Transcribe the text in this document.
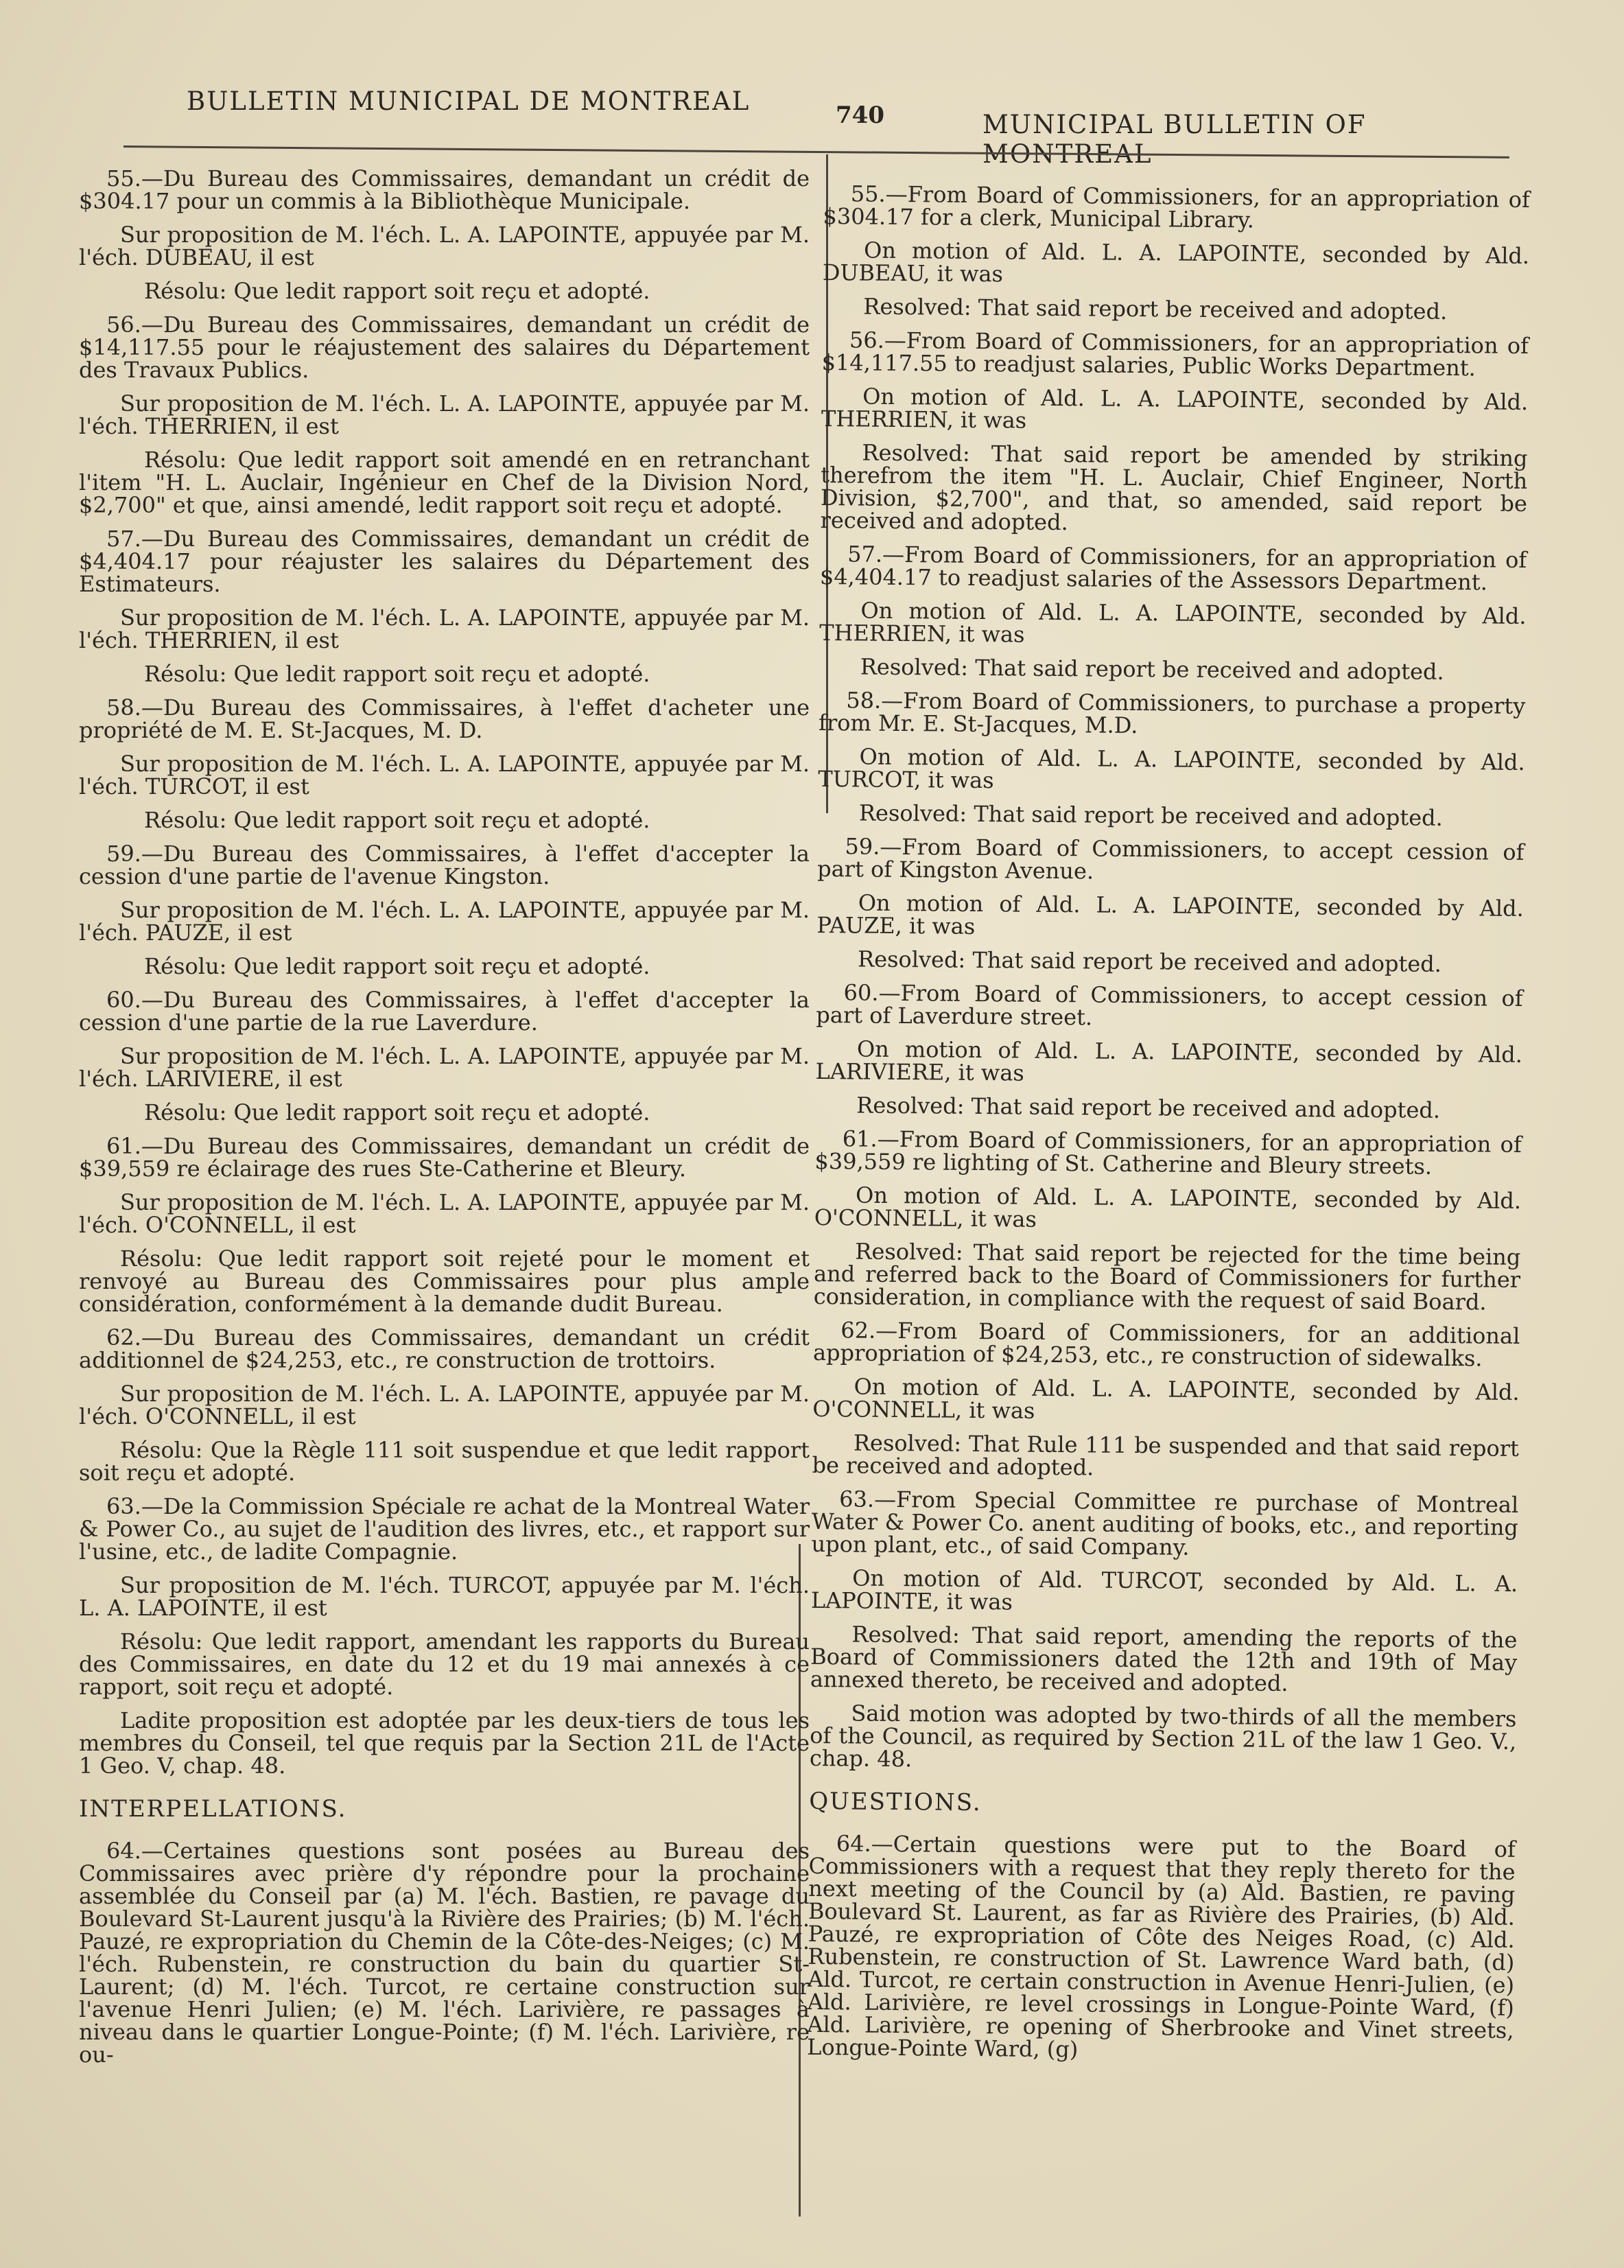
BULLETIN MUNICIPAL DE MONTREAL	740	MUNICIPAL BULLETIN OF

55.—Du Bureau des Commissaires, demandant un crédit de $304.17 pour un commis à la Bibliothèque Municipale.

Sur proposition de M. l'éch. L. A. LAPOINTE, appuyée par M. l'éch. DUBEAU, il est

Résolu: Que ledit rapport soit reçu et adopté.

56.—Du Bureau des Commissaires, demandant un crédit de $14,117.55 pour le réajustement des salaires du Département des Travaux Publics.

Sur proposition de M. l'éch. L. A. LAPOINTE, appuyée par M. l'éch. THERRIEN, il est

Résolu: Que ledit rapport soit amendé en en retranchant l'item "H. L. Auclair, Ingénieur en Chef de la Division Nord, $2,700" et que, ainsi amendé, ledit rapport soit reçu et adopté.

57.—Du Bureau des Commissaires, demandant un crédit de $4,404.17 pour réajuster les salaires du Département des Estimateurs.

Sur proposition de M. l'éch. L. A. LAPOINTE, appuyée par M. l'éch. THERRIEN, il est

Résolu: Que ledit rapport soit reçu et adopté.

58.—Du Bureau des Commissaires, à l'effet d'acheter une propriété de M. E. St-Jacques, M. D.

Sur proposition de M. l'éch. L. A. LAPOINTE, appuyée par M. l'éch. TURCOT, il est

Résolu: Que ledit rapport soit reçu et adopté.

59.—Du Bureau des Commissaires, à l'effet d'accepter la cession d'une partie de l'avenue Kingston.

Sur proposition de M. l'éch. L. A. LAPOINTE, appuyée par M. l'éch. PAUZE, il est

Résolu: Que ledit rapport soit reçu et adopté.

60.—Du Bureau des Commissaires, à l'effet d'accepter la cession d'une partie de la rue Laverdure.

Sur proposition de M. l'éch. L. A. LAPOINTE, appuyée par M. l'éch. LARIVIERE, il est

Résolu: Que ledit rapport soit reçu et adopté.

61.—Du Bureau des Commissaires, demandant un crédit de $39,559 re éclairage des rues Ste-Catherine et Bleury.

Sur proposition de M. l'éch. L. A. LAPOINTE, appuyée par M. l'éch. O'CONNELL, il est

Résolu: Que ledit rapport soit rejeté pour le moment et renvoyé au Bureau des Commissaires pour plus ample considération, conformément à la demande dudit Bureau.

62.—Du Bureau des Commissaires, demandant un crédit additionnel de $24,253, etc., re construction de trottoirs.

Sur proposition de M. l'éch. L. A. LAPOINTE, appuyée par M. l'éch. O'CONNELL, il est

Résolu: Que la Règle 111 soit suspendue et que ledit rapport soit reçu et adopté.

63.—De la Commission Spéciale re achat de la Montreal Water & Power Co., au sujet de l'audition des livres, etc., et rapport sur l'usine, etc., de ladite Compagnie.

Sur proposition de M. l'éch. TURCOT, appuyée par M. l'éch. L. A. LAPOINTE, il est

Résolu: Que ledit rapport, amendant les rapports du Bureau des Commissaires, en date du 12 et du 19 mai annexés à ce rapport, soit reçu et adopté.

Ladite proposition est adoptée par les deux-tiers de tous les membres du Conseil, tel que requis par la Section 21L de l'Acte 1 Geo. V, chap. 48.

INTERPELLATIONS.

64.—Certaines questions sont posées au Bureau des Commissaires avec prière d'y répondre pour la prochaine assemblée du Conseil par (a) M. l'éch. Bastien, re pavage du Boulevard St-Laurent jusqu'à la Rivière des Prairies; (b) M. l'éch. Pauzé, re expropriation du Chemin de la Côte-des-Neiges; (c) M. l'éch. Rubenstein, re construction du bain du quartier St-Laurent; (d) M. l'éch. Turcot, re certaine construction sur l'avenue Henri Julien; (e) M. l'éch. Larivière, re passages à niveau dans le quartier Longue-Pointe; (f) M. l'éch. Larivière, re ou-

55.—From Board of Commissioners, for an appropriation of $304.17 for a clerk, Municipal Library.

On motion of Ald. L. A. LAPOINTE, seconded by Ald. DUBEAU, it was

Resolved: That said report be received and adopted.

56.—From Board of Commissioners, for an appropriation of $14,117.55 to readjust salaries, Public Works Department.

On motion of Ald. L. A. LAPOINTE, seconded by Ald. THERRIEN, it was

Resolved: That said report be amended by striking therefrom the item "H. L. Auclair, Chief Engineer, North Division, $2,700", and that, so amended, said report be received and adopted.

57.—From Board of Commissioners, for an appropriation of $4,404.17 to readjust salaries of the Assessors Department.

On motion of Ald. L. A. LAPOINTE, seconded by Ald. THERRIEN, it was

Resolved: That said report be received and adopted.

58.—From Board of Commissioners, to purchase a property from Mr. E. St-Jacques, M.D.

On motion of Ald. L. A. LAPOINTE, seconded by Ald. TURCOT, it was

Resolved: That said report be received and adopted.

59.—From Board of Commissioners, to accept cession of part of Kingston Avenue.

On motion of Ald. L. A. LAPOINTE, seconded by Ald. PAUZE, it was

Resolved: That said report be received and adopted.

60.—From Board of Commissioners, to accept cession of part of Laverdure street.

On motion of Ald. L. A. LAPOINTE, seconded by Ald. LARIVIERE, it was

Resolved: That said report be received and adopted.

61.—From Board of Commissioners, for an appropriation of $39,559 re lighting of St. Catherine and Bleury streets.

On motion of Ald. L. A. LAPOINTE, seconded by Ald. O'CONNELL, it was

Resolved: That said report be rejected for the time being and referred back to the Board of Commissioners for further consideration, in compliance with the request of said Board.

62.—From Board of Commissioners, for an additional appropriation of $24,253, etc., re construction of sidewalks.

On motion of Ald. L. A. LAPOINTE, seconded by Ald. O'CONNELL, it was

Resolved: That Rule 111 be suspended and that said report be received and adopted.

63.—From Special Committee re purchase of Montreal Water & Power Co. anent auditing of books, etc., and reporting upon plant, etc., of said Company.

On motion of Ald. TURCOT, seconded by Ald. L. A. LAPOINTE, it was

Resolved: That said report, amending the reports of the Board of Commissioners dated the 12th and 19th of May annexed thereto, be received and adopted.

Said motion was adopted by two-thirds of all the members of the Council, as required by Section 21L of the law 1 Geo. V., chap. 48.

QUESTIONS.

64.—Certain questions were put to the Board of Commissioners with a request that they reply thereto for the next meeting of the Council by (a) Ald. Bastien, re paving Boulevard St. Laurent, as far as Rivière des Prairies, (b) Ald. Pauzé, re expropriation of Côte des Neiges Road, (c) Ald. Rubenstein, re construction of St. Lawrence Ward bath, (d) Ald. Turcot, re certain construction in Avenue Henri-Julien, (e) Ald. Larivière, re level crossings in Longue-Pointe Ward, (f) Ald. Larivière, re opening of Sherbrooke and Vinet streets, Longue-Pointe Ward, (g)
